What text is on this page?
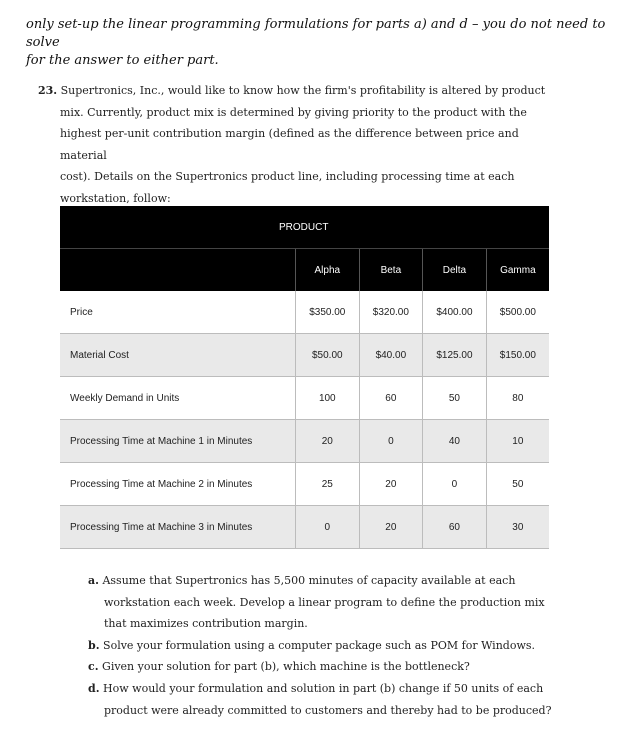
only set-up the linear programming formulations for parts a) and d – you do not need to solve
for the answer to either part.
23. Supertronics, Inc., would like to know how the firm's profitability is altered by product
mix. Currently, product mix is determined by giving priority to the product with the
highest per-unit contribution margin (defined as the difference between price and material
cost). Details on the Supertronics product line, including processing time at each
workstation, follow:
PRODUCT				
	Alpha	Beta	Delta	Gamma
Price	$350.00	$320.00	$400.00	$500.00
Material Cost	$50.00	$40.00	$125.00	$150.00
Weekly Demand in Units	100	60	50	80
Processing Time at Machine 1 in Minutes	20	0	40	10
Processing Time at Machine 2 in Minutes	25	20	0	50
Processing Time at Machine 3 in Minutes	0	20	60	30
a. Assume that Supertronics has 5,500 minutes of capacity available at each
workstation each week. Develop a linear program to define the production mix
that maximizes contribution margin.
b. Solve your formulation using a computer package such as POM for Windows.
c. Given your solution for part (b), which machine is the bottleneck?
d. How would your formulation and solution in part (b) change if 50 units of each
product were already committed to customers and thereby had to be produced?
